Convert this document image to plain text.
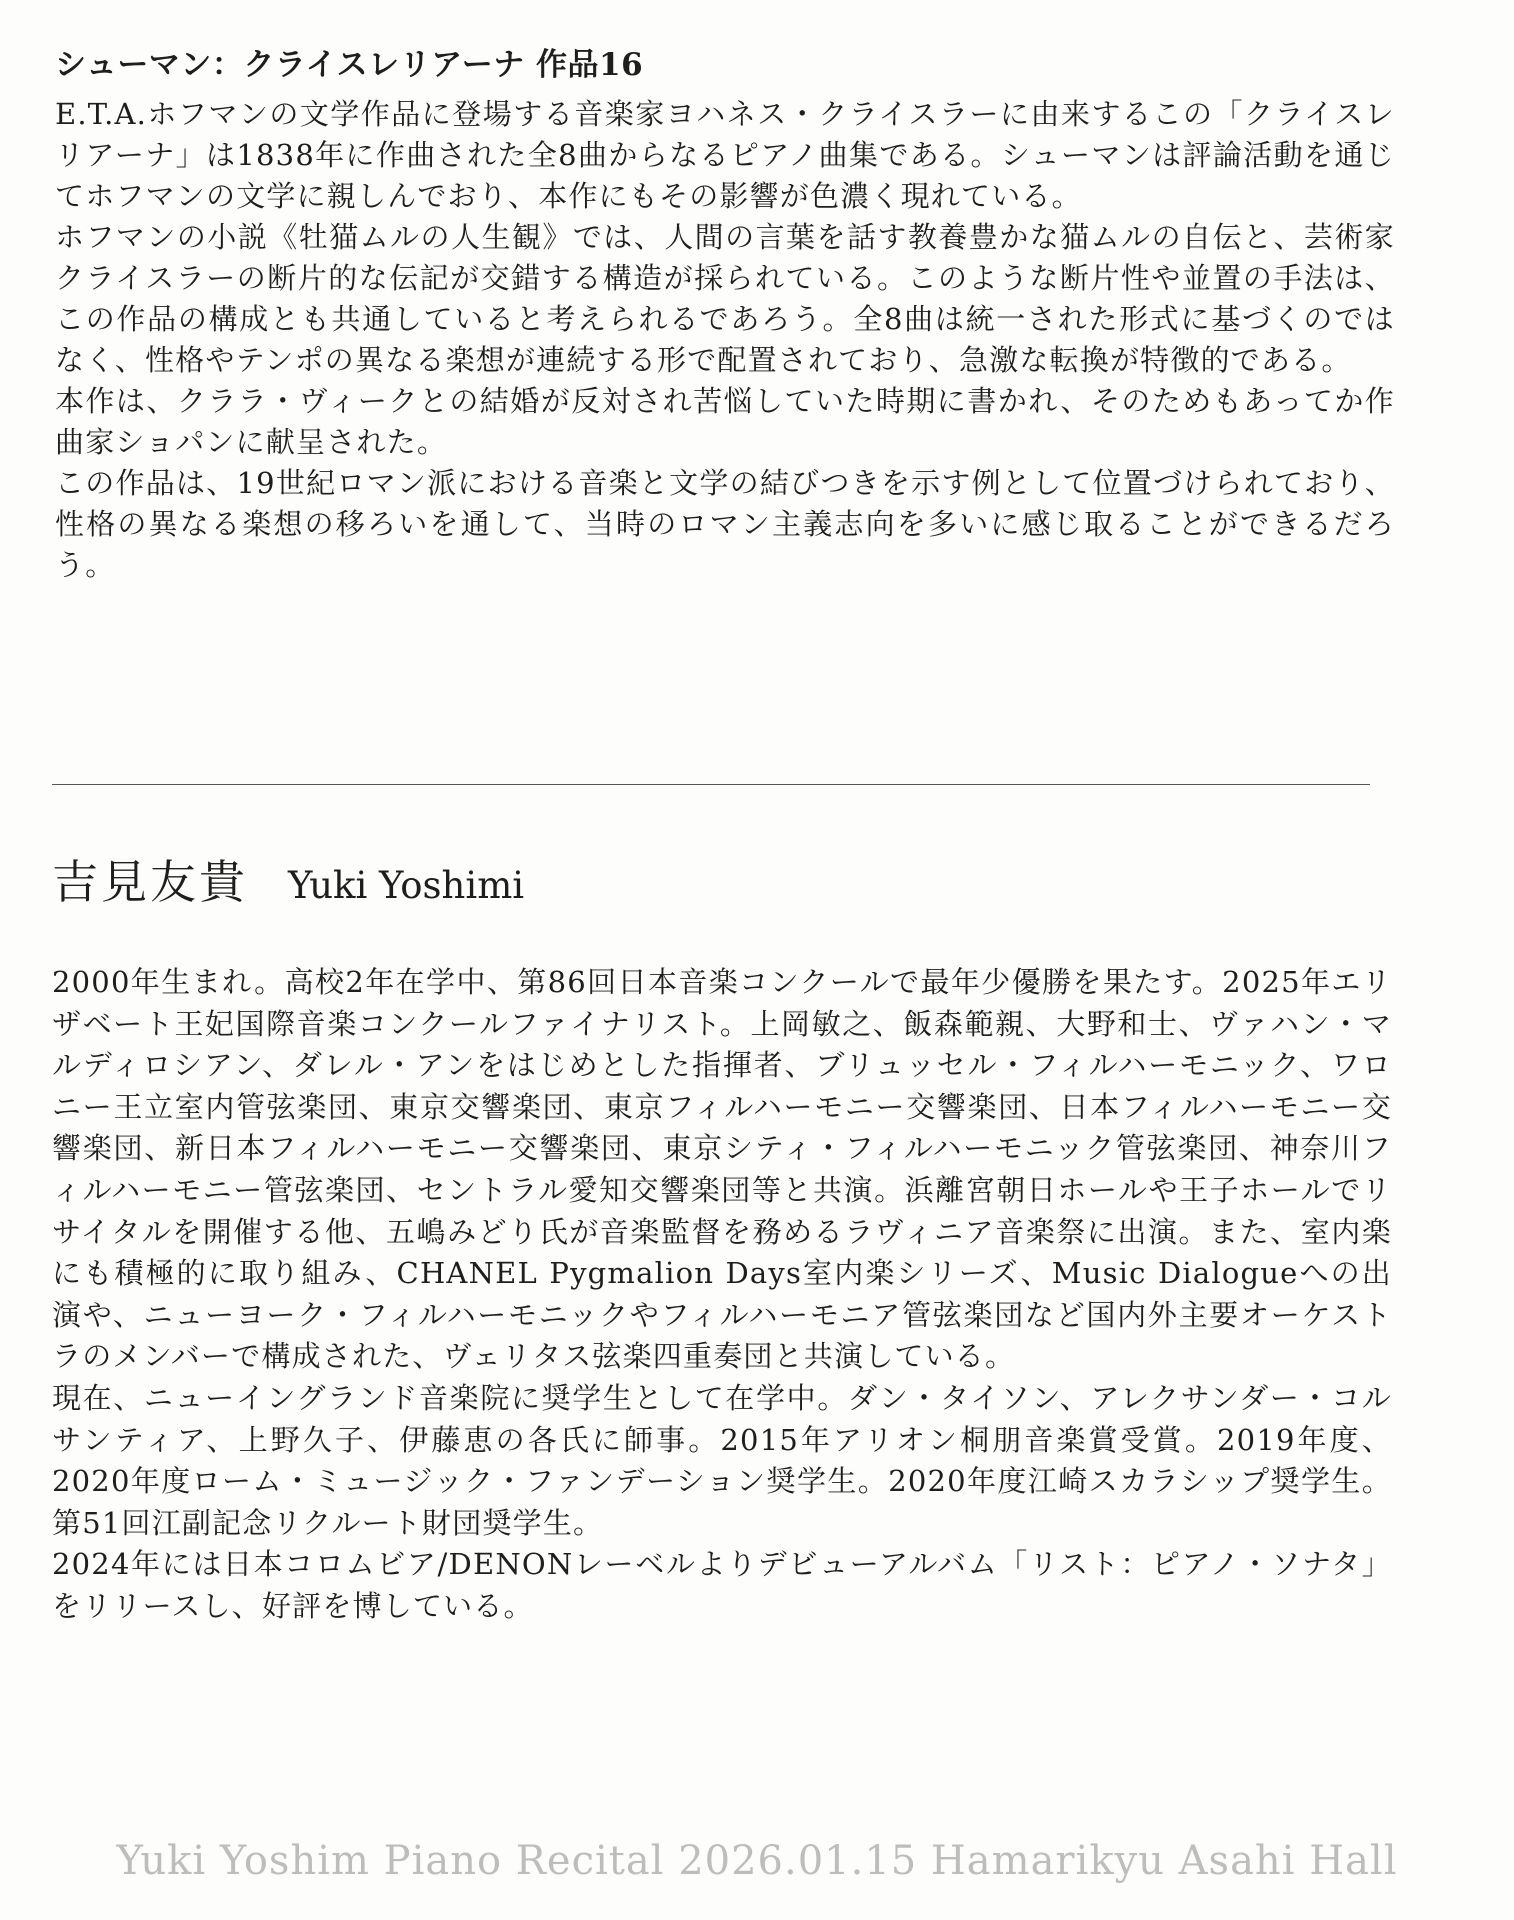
シューマン：クライスレリアーナ 作品16

E.T.A.ホフマンの文学作品に登場する音楽家ヨハネス・クライスラーに由来するこの「クライスレリアーナ」は1838年に作曲された全8曲からなるピアノ曲集である。シューマンは評論活動を通じてホフマンの文学に親しんでおり、本作にもその影響が色濃く現れている。

ホフマンの小説《牡猫ムルの人生観》では、人間の言葉を話す教養豊かな猫ムルの自伝と、芸術家クライスラーの断片的な伝記が交錯する構造が採られている。このような断片性や並置の手法は、この作品の構成とも共通していると考えられるであろう。全8曲は統一された形式に基づくのではなく、性格やテンポの異なる楽想が連続する形で配置されており、急激な転換が特徴的である。

本作は、クララ・ヴィークとの結婚が反対され苦悩していた時期に書かれ、そのためもあってか作曲家ショパンに献呈された。

この作品は、19世紀ロマン派における音楽と文学の結びつきを示す例として位置づけられており、性格の異なる楽想の移ろいを通して、当時のロマン主義志向を多いに感じ取ることができるだろう。

吉見友貴 Yuki Yoshimi

2000年生まれ。高校2年在学中、第86回日本音楽コンクールで最年少優勝を果たす。2025年エリザベート王妃国際音楽コンクールファイナリスト。上岡敏之、飯森範親、大野和士、ヴァハン・マルディロシアン、ダレル・アンをはじめとした指揮者、ブリュッセル・フィルハーモニック、ワロニー王立室内管弦楽団、東京交響楽団、東京フィルハーモニー交響楽団、日本フィルハーモニー交響楽団、新日本フィルハーモニー交響楽団、東京シティ・フィルハーモニック管弦楽団、神奈川フィルハーモニー管弦楽団、セントラル愛知交響楽団等と共演。浜離宮朝日ホールや王子ホールでリサイタルを開催する他、五嶋みどり氏が音楽監督を務めるラヴィニア音楽祭に出演。また、室内楽にも積極的に取り組み、CHANEL Pygmalion Days室内楽シリーズ、Music Dialogueへの出演や、ニューヨーク・フィルハーモニックやフィルハーモニア管弦楽団など国内外主要オーケストラのメンバーで構成された、ヴェリタス弦楽四重奏団と共演している。

現在、ニューイングランド音楽院に奨学生として在学中。ダン・タイソン、アレクサンダー・コルサンティア、上野久子、伊藤恵の各氏に師事。2015年アリオン桐朋音楽賞受賞。2019年度、2020年度ローム・ミュージック・ファンデーション奨学生。2020年度江崎スカラシップ奨学生。第51回江副記念リクルート財団奨学生。

2024年には日本コロムビア/DENONレーベルよりデビューアルバム「リスト：ピアノ・ソナタ」をリリースし、好評を博している。

Yuki Yoshim Piano Recital 2026.01.15 Hamarikyu Asahi Hall
